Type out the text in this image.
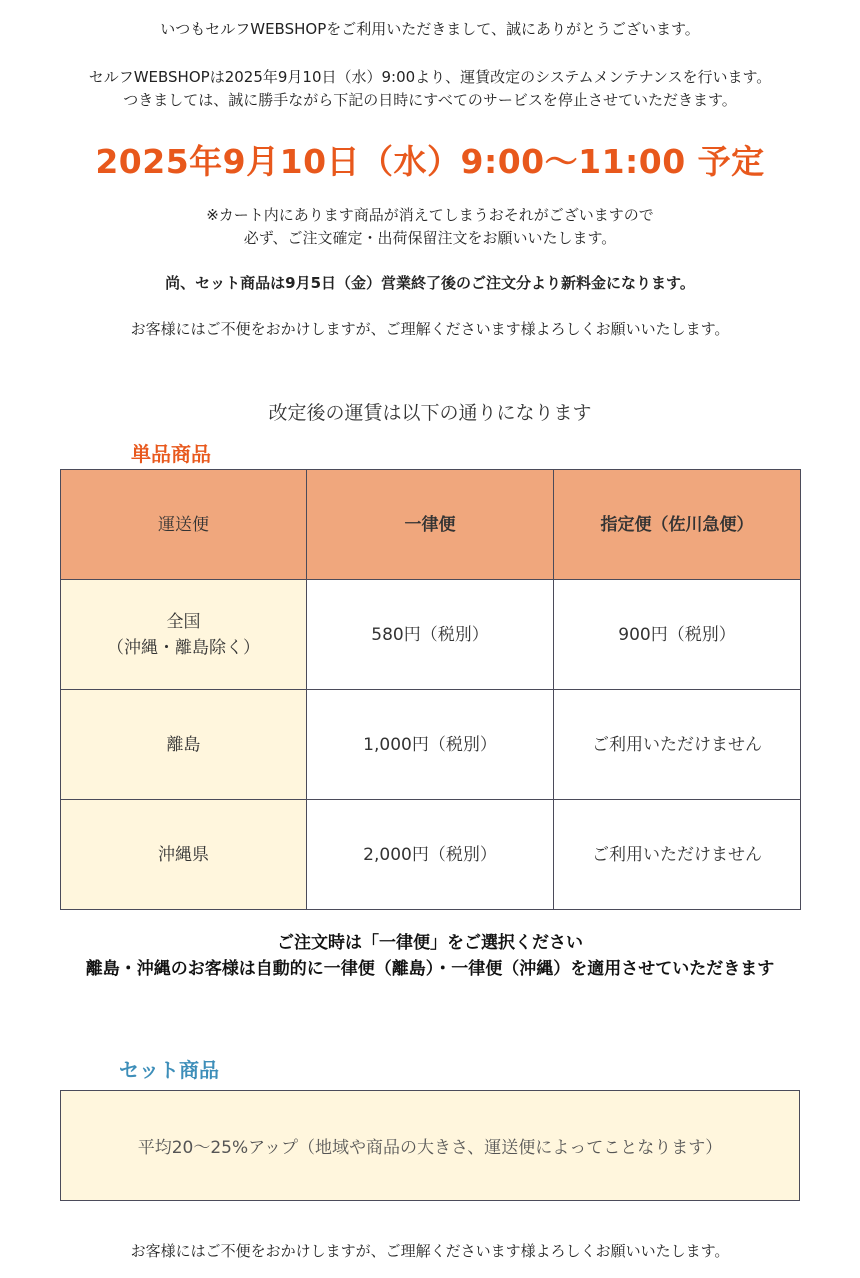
いつもセルフWEBSHOPをご利用いただきまして、誠にありがとうございます。
セルフWEBSHOPは2025年9月10日（水）9:00より、運賃改定のシステムメンテナンスを行います。
つきましては、誠に勝手ながら下記の日時にすべてのサービスを停止させていただきます。
2025年9月10日（水）9:00〜11:00 予定
※カート内にあります商品が消えてしまうおそれがございますので
必ず、ご注文確定・出荷保留注文をお願いいたします。
尚、セット商品は9月5日（金）営業終了後のご注文分より新料金になります。
お客様にはご不便をおかけしますが、ご理解くださいます様よろしくお願いいたします。
改定後の運賃は以下の通りになります
単品商品
運送便	一律便	指定便（佐川急便）

全国
（沖縄・離島除く）	580円（税別）	900円（税別）
離島	1,000円（税別）	ご利用いただけません
沖縄県	2,000円（税別）	ご利用いただけません
ご注文時は「一律便」をご選択ください
離島・沖縄のお客様は自動的に一律便（離島）・一律便（沖縄）を適用させていただきます
セット商品
平均20〜25%アップ（地域や商品の大きさ、運送便によってことなります）
お客様にはご不便をおかけしますが、ご理解くださいます様よろしくお願いいたします。
